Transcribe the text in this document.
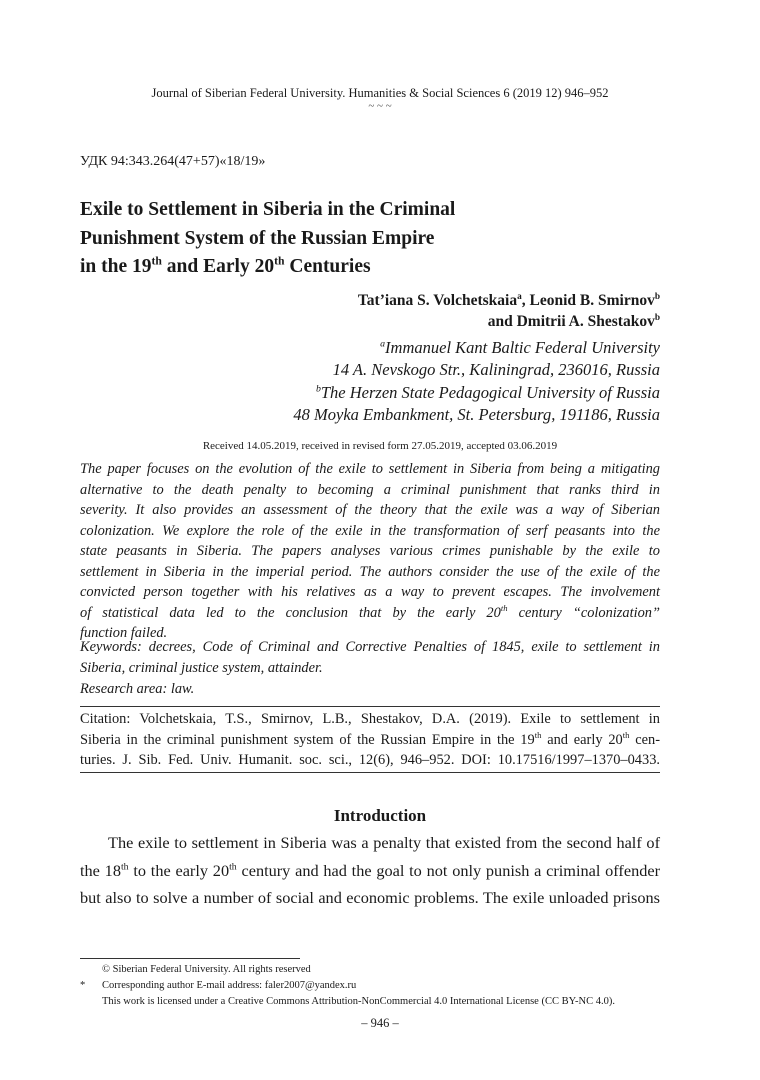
Journal of Siberian Federal University. Humanities & Social Sciences 6 (2019 12) 946–952
~ ~ ~
УДК 94:343.264(47+57)«18/19»
Exile to Settlement in Siberia in the Criminal
Punishment System of the Russian Empire
in the 19th and Early 20th Centuries
Tat’iana S. Volchetskaia$^a$, Leonid B. Smirnov$^b$
and Dmitrii A. Shestakov$^b$
$^a$Immanuel Kant Baltic Federal University
14 A. Nevskogo Str., Kaliningrad, 236016, Russia
$^b$The Herzen State Pedagogical University of Russia
48 Moyka Embankment, St. Petersburg, 191186, Russia
Received 14.05.2019, received in revised form 27.05.2019, accepted 03.06.2019
The paper focuses on the evolution of the exile to settlement in Siberia from being a mitigating
alternative to the death penalty to becoming a criminal punishment that ranks third in
severity. It also provides an assessment of the theory that the exile was a way of Siberian
colonization. We explore the role of the exile in the transformation of serf peasants into the
state peasants in Siberia. The papers analyses various crimes punishable by the exile to
settlement in Siberia in the imperial period. The authors consider the use of the exile of the
convicted person together with his relatives as a way to prevent escapes. The involvement
of statistical data led to the conclusion that by the early 20th century “colonization”
function failed.
Keywords: decrees, Code of Criminal and Corrective Penalties of 1845, exile to settlement in
Siberia, criminal justice system, attainder.
Research area: law.
Citation: Volchetskaia, T.S., Smirnov, L.B., Shestakov, D.A. (2019). Exile to settlement in
Siberia in the criminal punishment system of the Russian Empire in the 19th and early 20th cen-
turies. J. Sib. Fed. Univ. Humanit. soc. sci., 12(6), 946–952. DOI: 10.17516/1997–1370–0433.
Introduction
The exile to settlement in Siberia was a penalty that existed from the second half of
the 18th to the early 20th century and had the goal to not only punish a criminal offender
but also to solve a number of social and economic problems. The exile unloaded prisons
© Siberian Federal University. All rights reserved
* Corresponding author E-mail address: faler2007@yandex.ru
This work is licensed under a Creative Commons Attribution-NonCommercial 4.0 International License (CC BY-NC 4.0).
– 946 –
